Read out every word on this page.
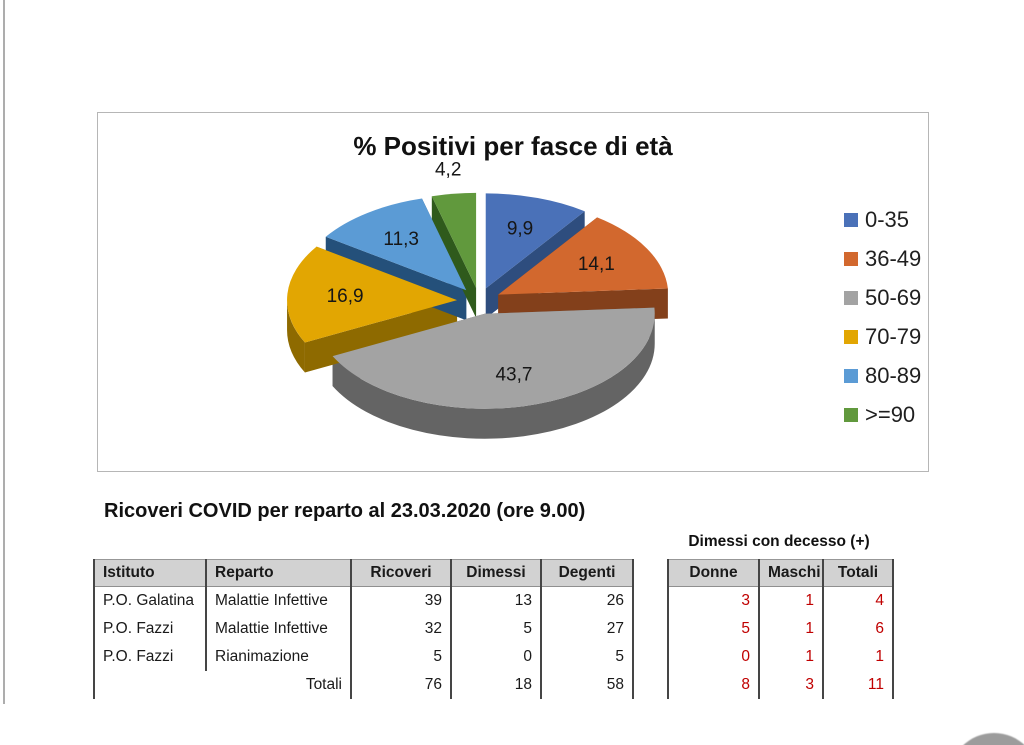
9,9
14,1
43,7
16,9
11,3
4,2
% Positivi per fasce di età
0-35
36-49
50-69
70-79
80-89
>=90
Ricoveri COVID per reparto al 23.03.2020 (ore 9.00)
Istituto	Reparto	Ricoveri	Dimessi	Degenti
P.O. Galatina	Malattie Infettive	39	13	26
P.O. Fazzi	Malattie Infettive	32	5	27
P.O. Fazzi	Rianimazione	5	0	5
Totali		76	18	58
Dimessi con decesso (+)
Donne	Maschi	Totali
3	1	4
5	1	6
0	1	1
8	3	11
